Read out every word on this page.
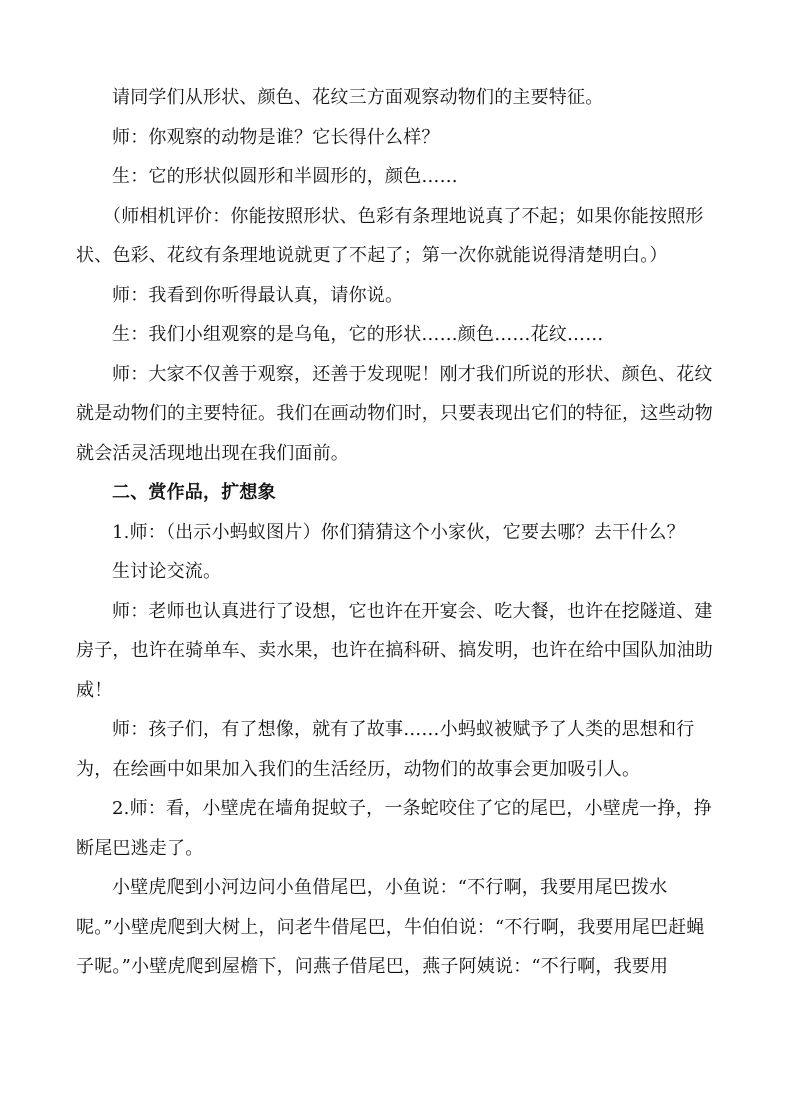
请同学们从形状、颜色、花纹三方面观察动物们的主要特征。

师：你观察的动物是谁？它长得什么样？

生：它的形状似圆形和半圆形的，颜色……

（师相机评价：你能按照形状、色彩有条理地说真了不起；如果你能按照形状、色彩、花纹有条理地说就更了不起了；第一次你就能说得清楚明白。）

师：我看到你听得最认真，请你说。

生：我们小组观察的是乌龟，它的形状……颜色……花纹……

师：大家不仅善于观察，还善于发现呢！刚才我们所说的形状、颜色、花纹就是动物们的主要特征。我们在画动物们时，只要表现出它们的特征，这些动物就会活灵活现地出现在我们面前。

二、赏作品，扩想象

1.师：（出示小蚂蚁图片）你们猜猜这个小家伙，它要去哪？去干什么？

生讨论交流。

师：老师也认真进行了设想，它也许在开宴会、吃大餐，也许在挖隧道、建房子，也许在骑单车、卖水果，也许在搞科研、搞发明，也许在给中国队加油助威！

师：孩子们，有了想像，就有了故事……小蚂蚁被赋予了人类的思想和行为，在绘画中如果加入我们的生活经历，动物们的故事会更加吸引人。

2.师：看，小壁虎在墙角捉蚊子，一条蛇咬住了它的尾巴，小壁虎一挣，挣断尾巴逃走了。

小壁虎爬到小河边问小鱼借尾巴，小鱼说：“不行啊，我要用尾巴拨水呢。”小壁虎爬到大树上，问老牛借尾巴，牛伯伯说：“不行啊，我要用尾巴赶蝇子呢。”小壁虎爬到屋檐下，问燕子借尾巴，燕子阿姨说：“不行啊，我要用
